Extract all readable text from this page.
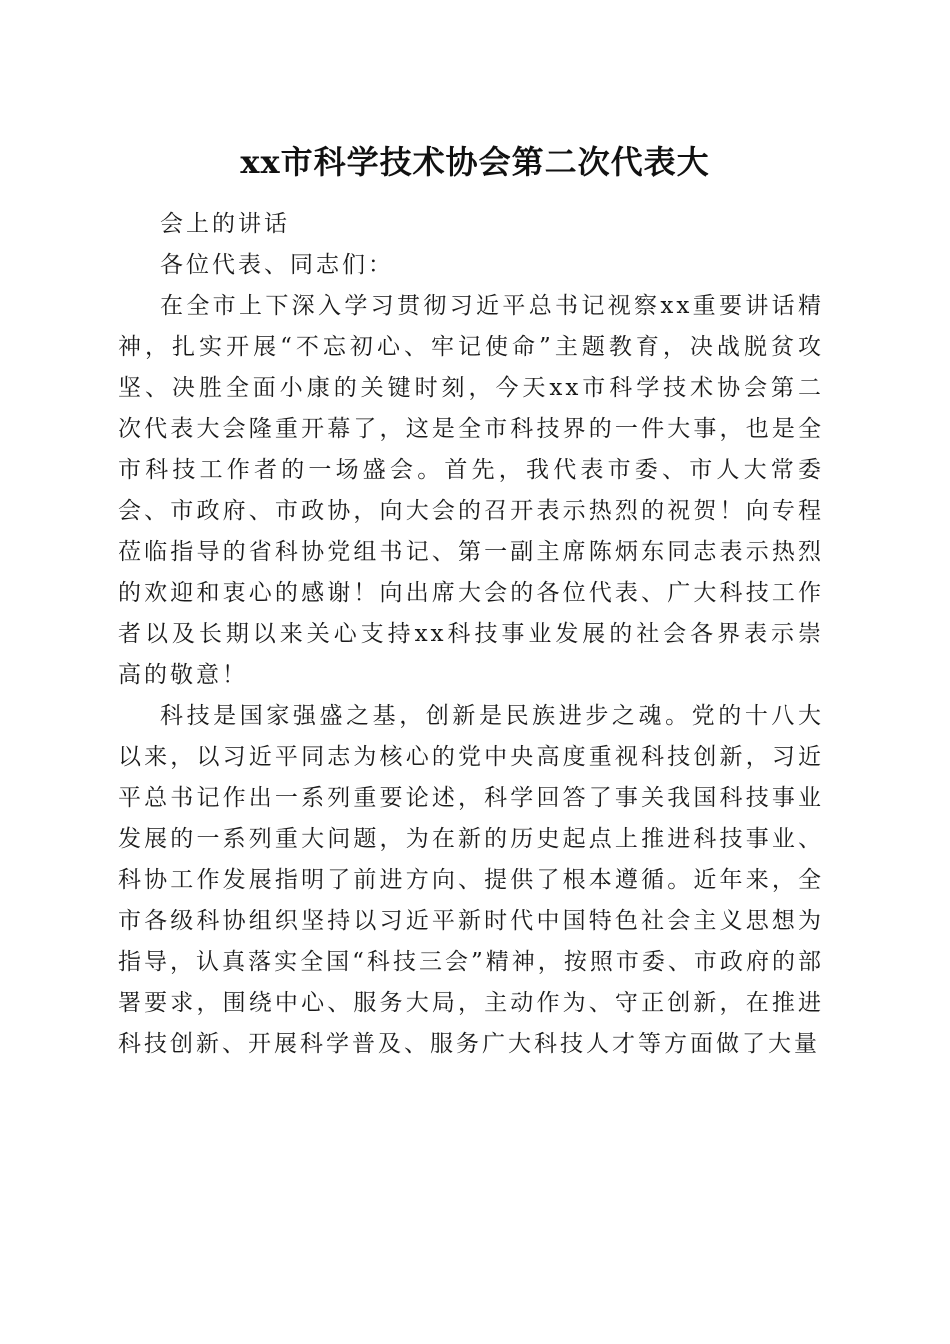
xx市科学技术协会第二次代表大

会上的讲话

各位代表、同志们：

在全市上下深入学习贯彻习近平总书记视察xx重要讲话精神，扎实开展“不忘初心、牢记使命”主题教育，决战脱贫攻坚、决胜全面小康的关键时刻，今天xx市科学技术协会第二次代表大会隆重开幕了，这是全市科技界的一件大事，也是全市科技工作者的一场盛会。首先，我代表市委、市人大常委会、市政府、市政协，向大会的召开表示热烈的祝贺！向专程莅临指导的省科协党组书记、第一副主席陈炳东同志表示热烈的欢迎和衷心的感谢！向出席大会的各位代表、广大科技工作者以及长期以来关心支持xx科技事业发展的社会各界表示崇高的敬意！

科技是国家强盛之基，创新是民族进步之魂。党的十八大以来，以习近平同志为核心的党中央高度重视科技创新，习近平总书记作出一系列重要论述，科学回答了事关我国科技事业发展的一系列重大问题，为在新的历史起点上推进科技事业、科协工作发展指明了前进方向、提供了根本遵循。近年来，全市各级科协组织坚持以习近平新时代中国特色社会主义思想为指导，认真落实全国“科技三会”精神，按照市委、市政府的部署要求，围绕中心、服务大局，主动作为、守正创新，在推进科技创新、开展科学普及、服务广大科技人才等方面做了大量
